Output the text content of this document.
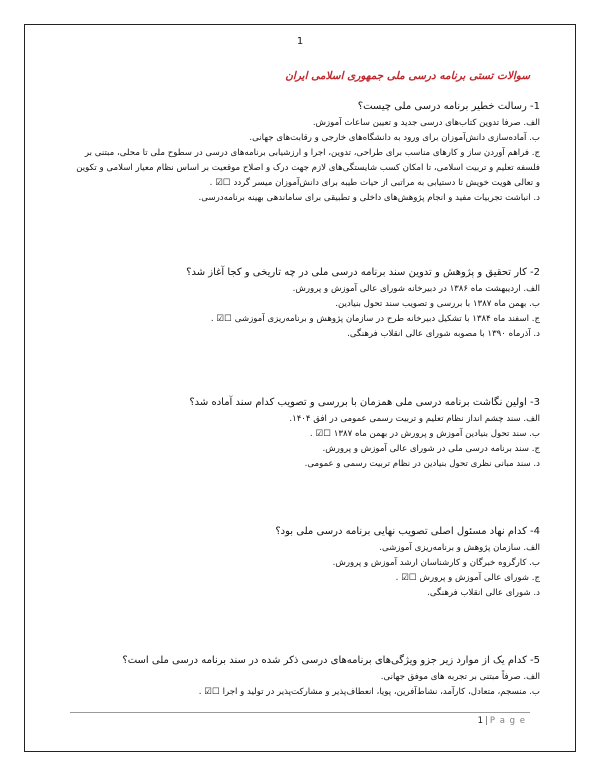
1
سوالات تستی برنامه درسی ملی جمهوری اسلامی ایران
1- رسالت خطیر برنامه درسی ملی چیست؟
الف. صرفا تدوین کتاب‌های درسی جدید و تعیین ساعات آموزش.
ب. آماده‌سازی دانش‌آموزان برای ورود به دانشگاه‌های خارجی و رقابت‌های جهانی.
ج. فراهم آوردن ساز و کارهای مناسب برای طراحی، تدوین، اجرا و ارزشیابی برنامه‌های درسی در سطوح ملی تا محلی، مبتنی بر فلسفه تعلیم و تربیت اسلامی، تا امکان کسب شایستگی‌های لازم جهت درک و اصلاح موقعیت بر اساس نظام معیار اسلامی و تکوین و تعالی هویت خویش تا دستیابی به مراتبی از حیات طیبه برای دانش‌آموزان میسر گردد☐☑ .
د. انباشت تجربیات مفید و انجام پژوهش‌های داخلی و تطبیقی برای ساماندهی بهینه برنامه‌درسی.
2- کار تحقیق و پژوهش و تدوین سند برنامه درسی ملی در چه تاریخی و کجا آغاز شد؟
الف. اردیبهشت ماه ۱۳۸۶ در دبیرخانه شورای عالی آموزش و پرورش.
ب. بهمن ماه ۱۳۸۷ با بررسی و تصویب سند تحول بنیادین.
ج. اسفند ماه ۱۳۸۴ با تشکیل دبیرخانه طرح در سازمان پژوهش و برنامه‌ریزی آموزشی☐☑ .
د. آذرماه ۱۳۹۰ با مصوبه شورای عالی انقلاب فرهنگی.
3- اولین نگاشت برنامه درسی ملی همزمان با بررسی و تصویب کدام سند آماده شد؟
الف. سند چشم انداز نظام تعلیم و تربیت رسمی عمومی در افق ۱۴۰۴.
ب. سند تحول بنیادین آموزش و پرورش در بهمن ماه ۱۳۸۷☐☑ .
ج. سند برنامه درسی ملی در شورای عالی آموزش و پرورش.
د. سند مبانی نظری تحول بنیادین در نظام تربیت رسمی و عمومی.
4- کدام نهاد مسئول اصلی تصویب نهایی برنامه درسی ملی بود؟
الف. سازمان پژوهش و برنامه‌ریزی آموزشی.
ب. کارگروه خبرگان و کارشناسان ارشد آموزش و پرورش.
ج. شورای عالی آموزش و پرورش☐☑ .
د. شورای عالی انقلاب فرهنگی.
5- کدام یک از موارد زیر جزو ویژگی‌های برنامه‌های درسی ذکر شده در سند برنامه درسی ملی است؟
الف. صرفاً مبتنی بر تجربه های موفق جهانی.
ب. منسجم، متعادل، کارآمد، نشاط‌آفرین، پویا، انعطاف‌پذیر و مشارکت‌پذیر در تولید و اجرا☐☑ .
1 | P a g e
